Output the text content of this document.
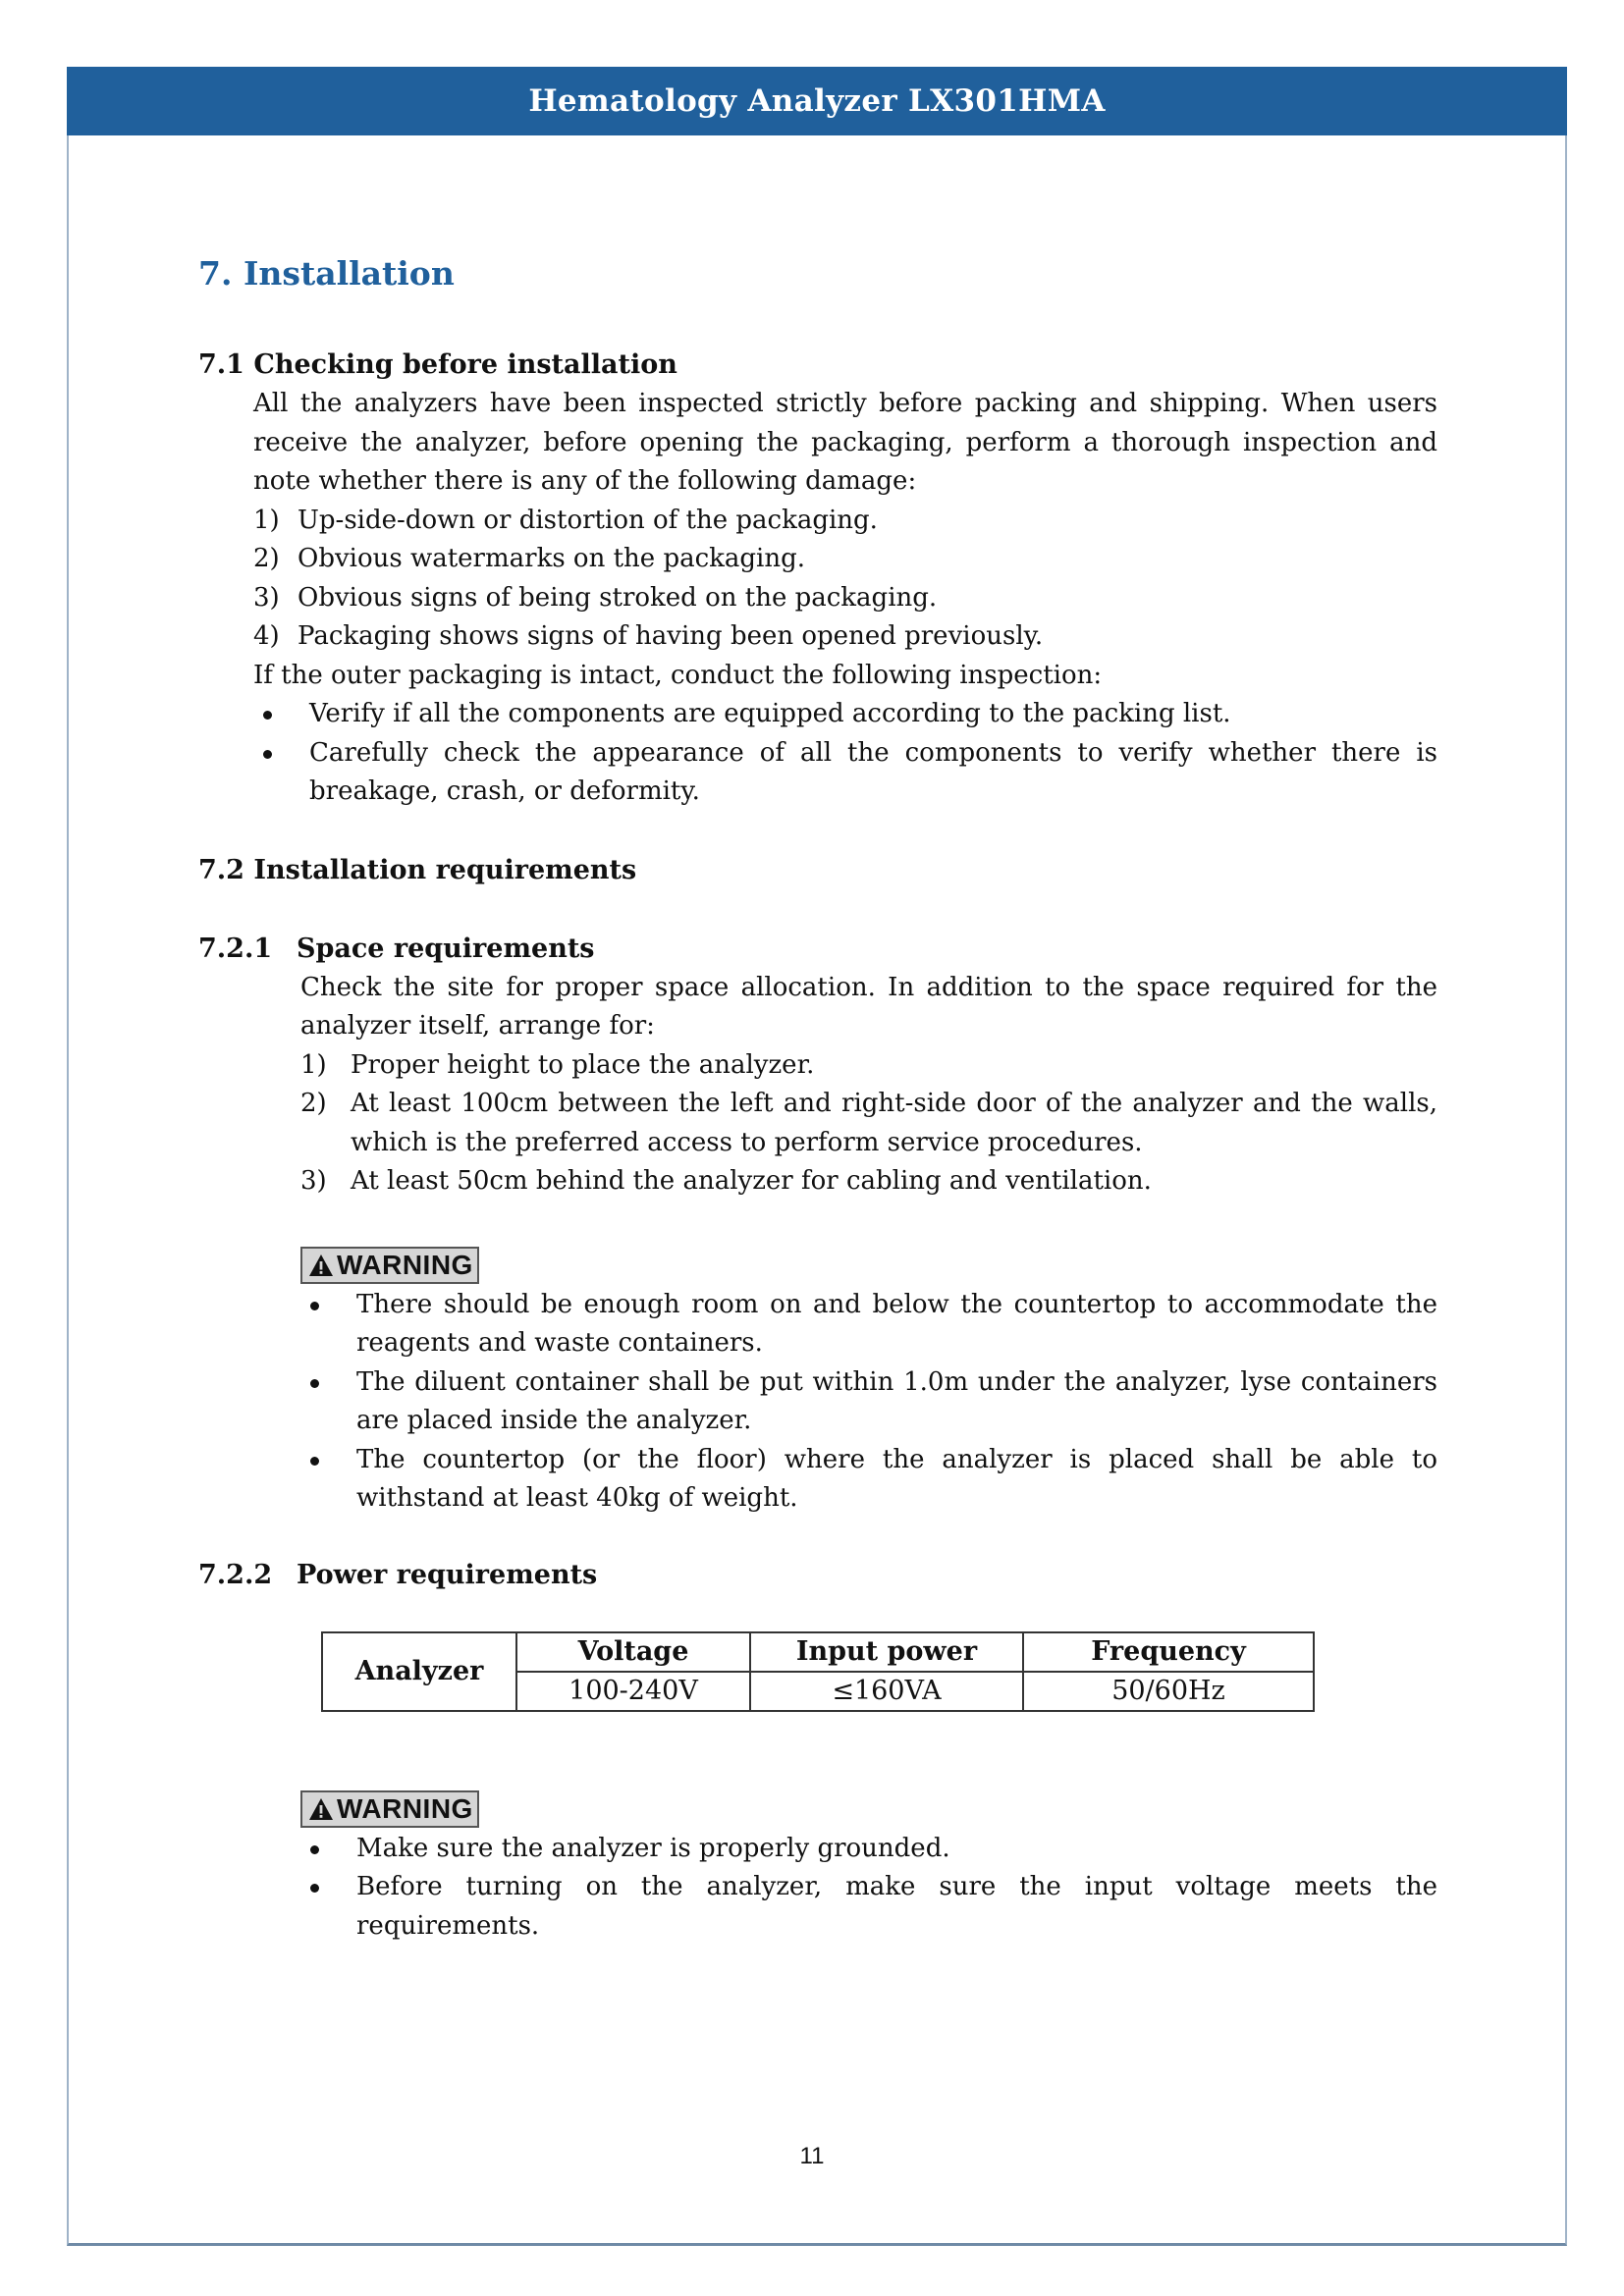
Hematology Analyzer LX301HMA
7. Installation
7.1 Checking before installation

All the analyzers have been inspected strictly before packing and shipping. When users receive the analyzer, before opening the packaging, perform a thorough inspection and note whether there is any of the following damage:

1) Up-side-down or distortion of the packaging.
2) Obvious watermarks on the packaging.
3) Obvious signs of being stroked on the packaging.
4) Packaging shows signs of having been opened previously.

If the outer packaging is intact, conduct the following inspection:

Verify if all the components are equipped according to the packing list.
Carefully check the appearance of all the components to verify whether there is breakage, crash, or deformity.
7.2 Installation requirements
7.2.1 Space requirements

Check the site for proper space allocation. In addition to the space required for the analyzer itself, arrange for:

1) Proper height to place the analyzer.
2) At least 100cm between the left and right-side door of the analyzer and the walls, which is the preferred access to perform service procedures.
3) At least 50cm behind the analyzer for cabling and ventilation.
WARNING
There should be enough room on and below the countertop to accommodate the reagents and waste containers.
The diluent container shall be put within 1.0m under the analyzer, lyse containers are placed inside the analyzer.
The countertop (or the floor) where the analyzer is placed shall be able to withstand at least 40kg of weight.
7.2.2 Power requirements
Analyzer	Voltage	Input power	Frequency
	100-240V	≤160VA	50/60Hz
WARNING
Make sure the analyzer is properly grounded.
Before turning on the analyzer, make sure the input voltage meets the requirements.
11
